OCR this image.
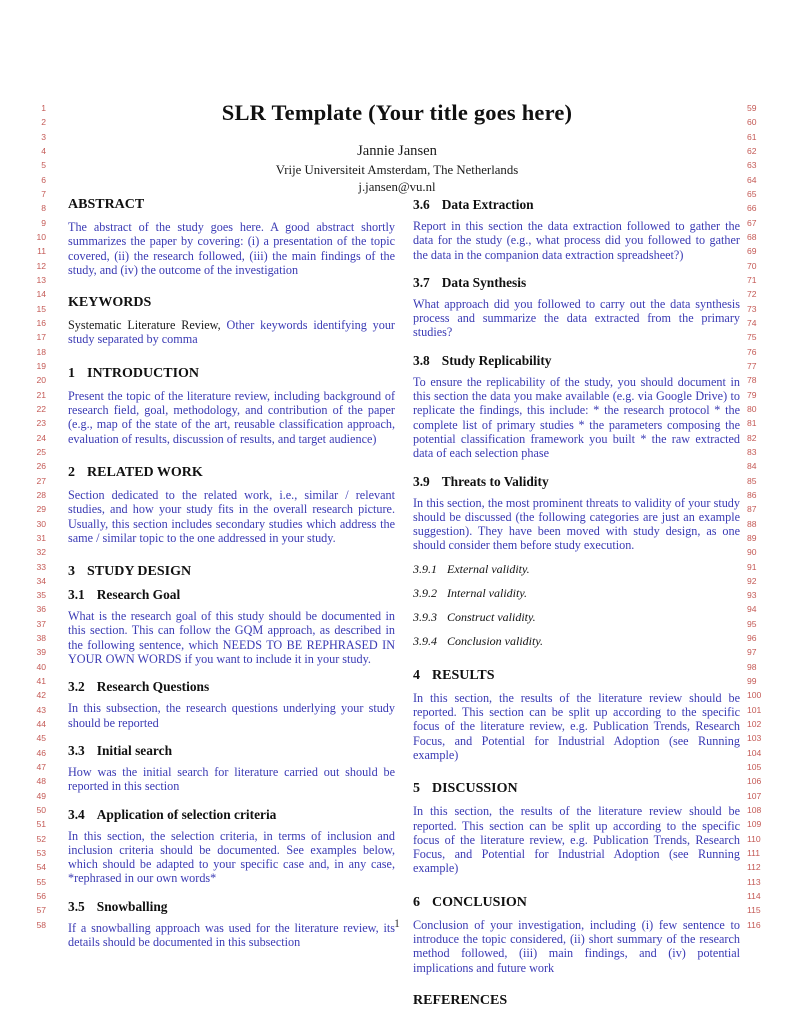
1
2
3
4
5
6
7
8
9
10
11
12
13
14
15
16
17
18
19
20
21
22
23
24
25
26
27
28
29
30
31
32
33
34
35
36
37
38
39
40
41
42
43
44
45
46
47
48
49
50
51
52
53
54
55
56
57
58
59
60
61
62
63
64
65
66
67
68
69
70
71
72
73
74
75
76
77
78
79
80
81
82
83
84
85
86
87
88
89
90
91
92
93
94
95
96
97
98
99
100
101
102
103
104
105
106
107
108
109
110
111
112
113
114
115
116
SLR Template (Your title goes here)
Jannie Jansen
Vrije Universiteit Amsterdam, The Netherlands
j.jansen@vu.nl
ABSTRACT

The abstract of the study goes here. A good abstract shortly summarizes the paper by covering: (i) a presentation of the topic covered, (ii) the research followed, (iii) the main findings of the study, and (iv) the outcome of the investigation

KEYWORDS

Systematic Literature Review, Other keywords identifying your study separated by comma

1 INTRODUCTION

Present the topic of the literature review, including background of research field, goal, methodology, and contribution of the paper (e.g., map of the state of the art, reusable classification approach, evaluation of results, discussion of results, and target audience)

2 RELATED WORK

Section dedicated to the related work, i.e., similar / relevant studies, and how your study fits in the overall research picture. Usually, this section includes secondary studies which address the same / similar topic to the one addressed in your study.

3 STUDY DESIGN
3.1 Research Goal

What is the research goal of this study should be documented in this section. This can follow the GQM approach, as described in the following sentence, which NEEDS TO BE REPHRASED IN YOUR OWN WORDS if you want to include it in your study.

3.2 Research Questions

In this subsection, the research questions underlying your study should be reported

3.3 Initial search

How was the initial search for literature carried out should be reported in this section

3.4 Application of selection criteria

In this section, the selection criteria, in terms of inclusion and inclusion criteria should be documented. See examples below, which should be adapted to your specific case and, in any case, *rephrased in our own words*

3.5 Snowballing

If a snowballing approach was used for the literature review, its details should be documented in this subsection

3.6 Data Extraction

Report in this section the data extraction followed to gather the data for the study (e.g., what process did you followed to gather the data in the companion data extraction spreadsheet?)

3.7 Data Synthesis

What approach did you followed to carry out the data synthesis process and summarize the data extracted from the primary studies?

3.8 Study Replicability

To ensure the replicability of the study, you should document in this section the data you make available (e.g. via Google Drive) to replicate the findings, this include: * the research protocol * the complete list of primary studies * the parameters composing the potential classification framework you built * the raw extracted data of each selection phase

3.9 Threats to Validity

In this section, the most prominent threats to validity of your study should be discussed (the following categories are just an example suggestion). They have been moved with study design, as one should consider them before study execution.

3.9.1 External validity.
3.9.2 Internal validity.
3.9.3 Construct validity.
3.9.4 Conclusion validity.
4 RESULTS

In this section, the results of the literature review should be reported. This section can be split up according to the specific focus of the literature review, e.g. Publication Trends, Research Focus, and Potential for Industrial Adoption (see Running example)

5 DISCUSSION

In this section, the results of the literature review should be reported. This section can be split up according to the specific focus of the literature review, e.g. Publication Trends, Research Focus, and Potential for Industrial Adoption (see Running example)

6 CONCLUSION

Conclusion of your investigation, including (i) few sentence to introduce the topic considered, (ii) short summary of the research method followed, (iii) main findings, and (iv) potential implications and future work

REFERENCES
1
